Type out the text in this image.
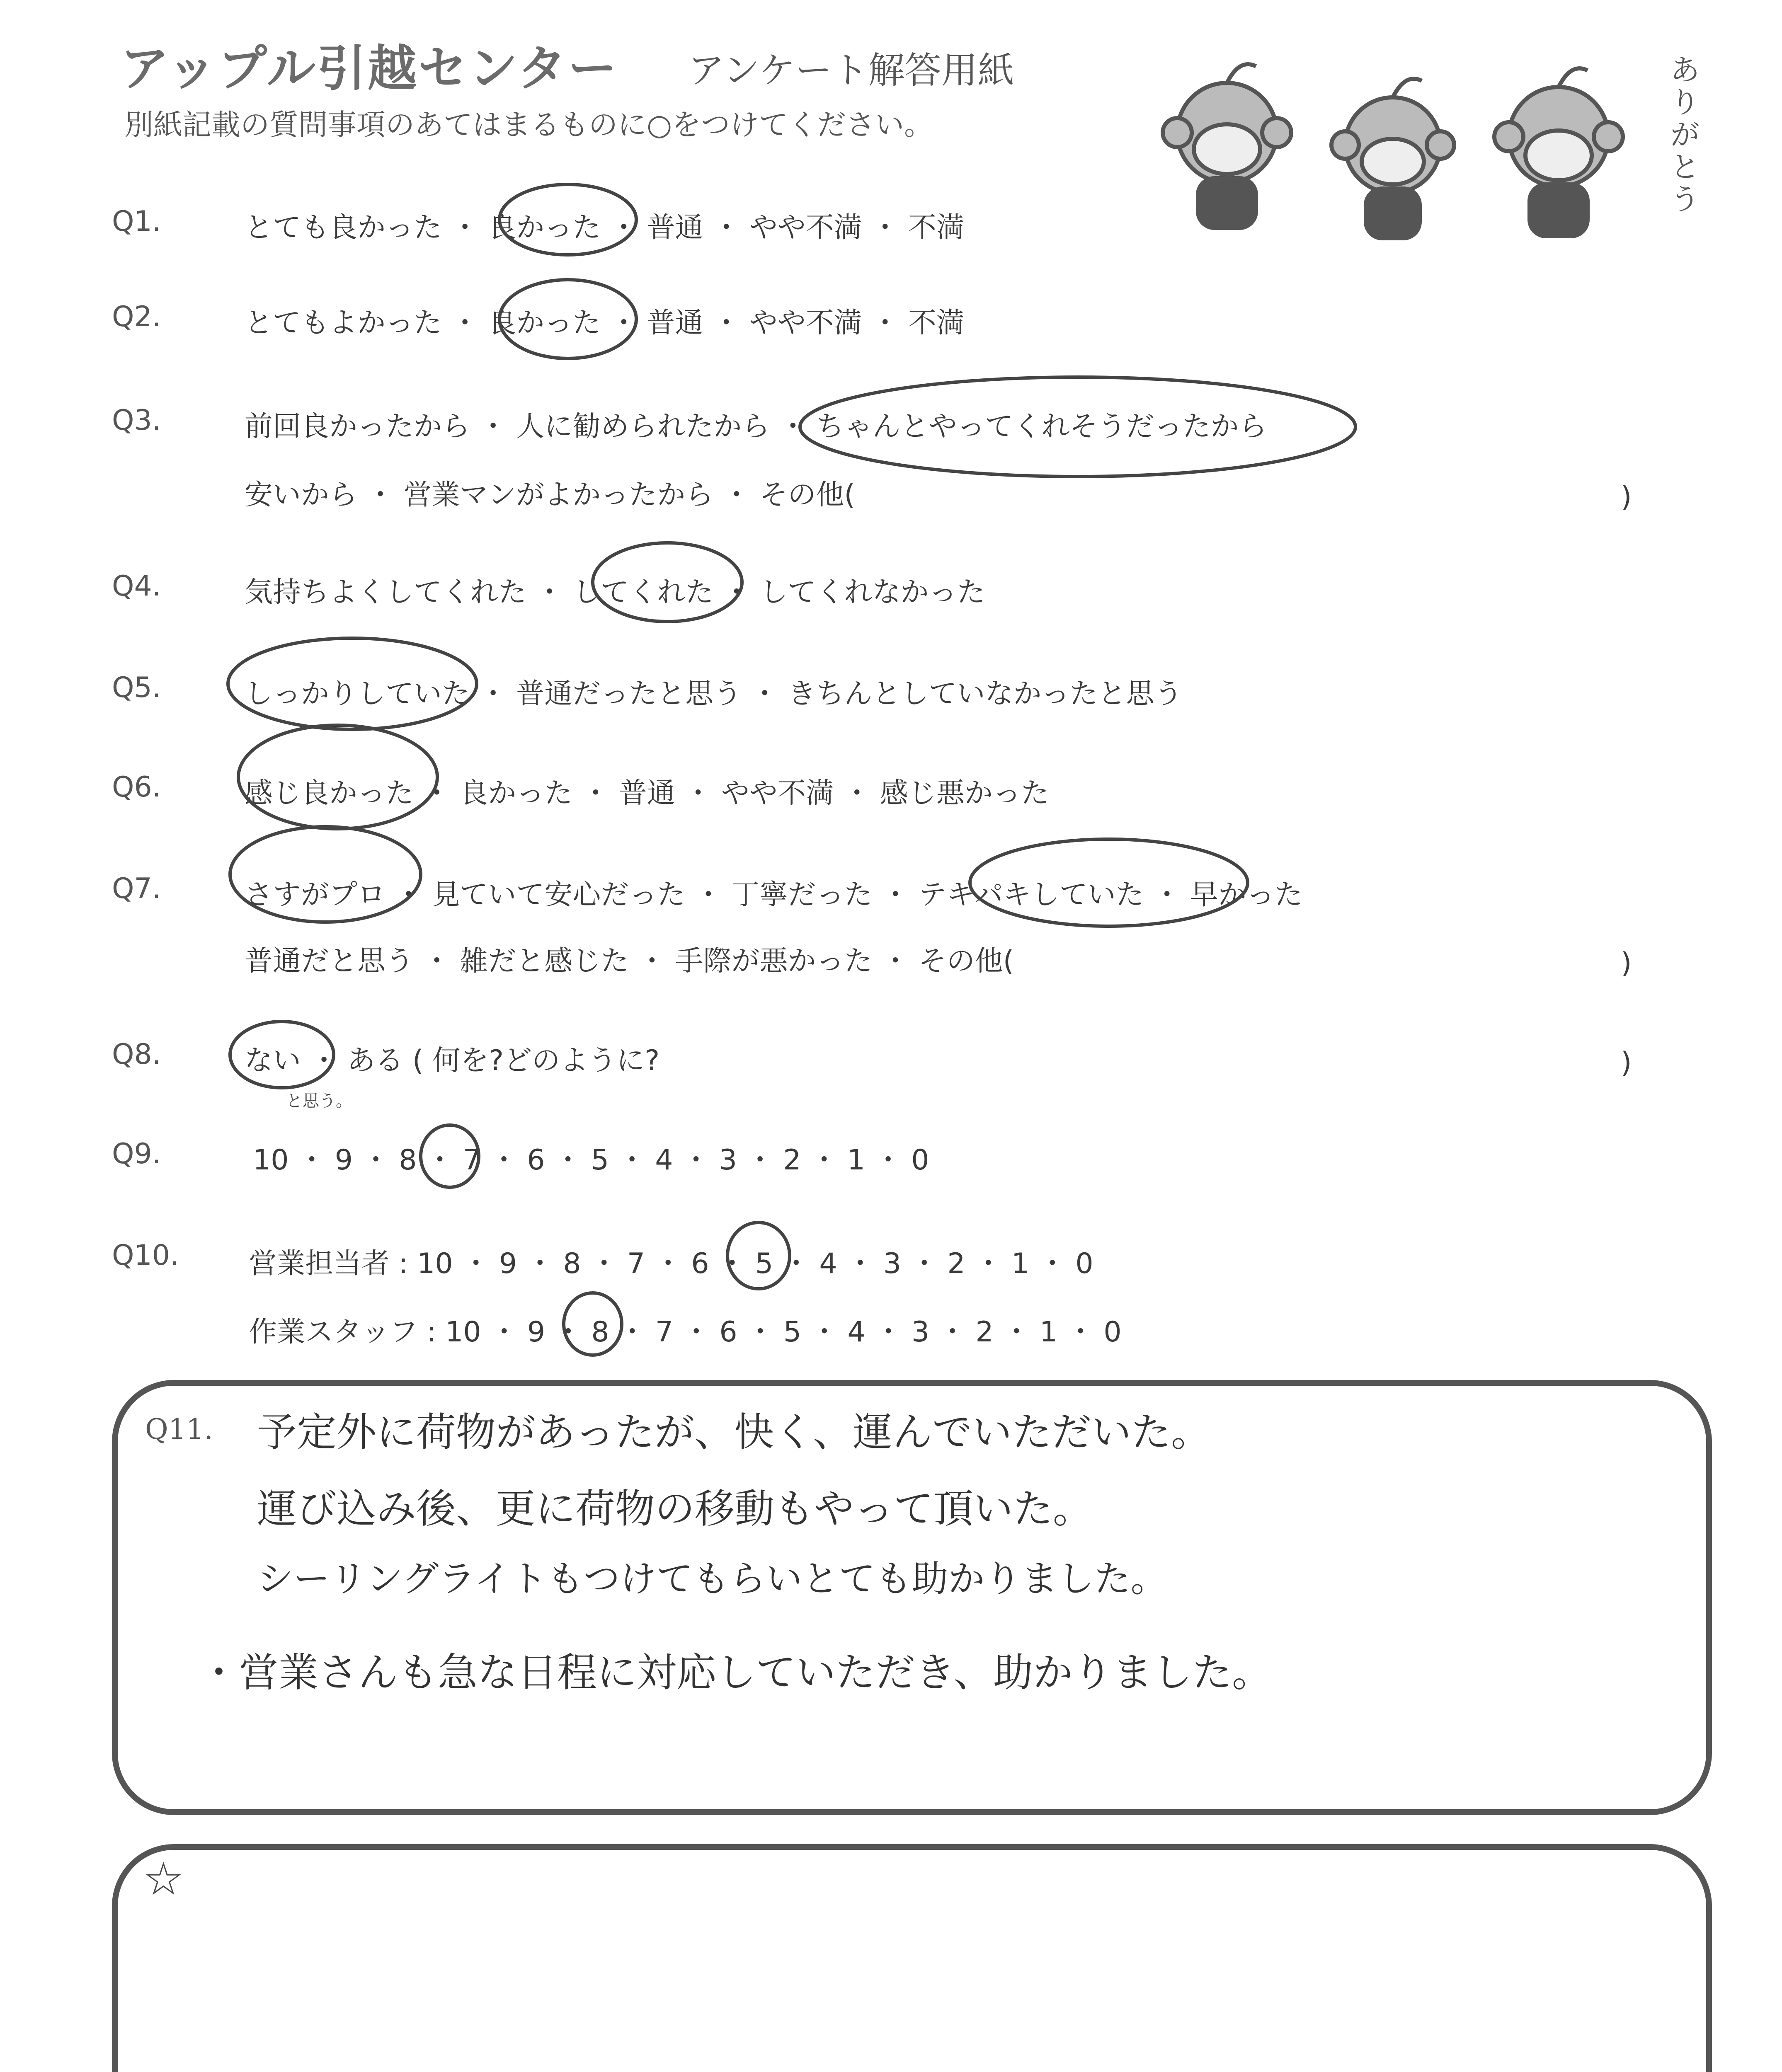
アップル引越センター アンケート解答用紙
別紙記載の質問事項のあてはまるものに○をつけてください。
ありがとう
Q1.	とても良かった ・ 良かった ・ 普通 ・ やや不満 ・ 不満
Q2.	とてもよかった ・ 良かった ・ 普通 ・ やや不満 ・ 不満
Q3.	前回良かったから ・ 人に勧められたから ・ ちゃんとやってくれそうだったから
安いから ・ 営業マンがよかったから ・ その他(	)
Q4.	気持ちよくしてくれた ・ してくれた ・ してくれなかった
Q5.	しっかりしていた ・ 普通だったと思う ・ きちんとしていなかったと思う
Q6.	感じ良かった ・ 良かった ・ 普通 ・ やや不満 ・ 感じ悪かった
Q7.	さすがプロ ・ 見ていて安心だった ・ 丁寧だった ・ テキパキしていた ・ 早かった
普通だと思う ・ 雑だと感じた ・ 手際が悪かった ・ その他(	)
Q8.	ない ・ ある ( 何を?どのように?	)
と思う。
Q9.	10 ・ 9 ・ 8 ・ 7 ・ 6 ・ 5 ・ 4 ・ 3 ・ 2 ・ 1 ・ 0
Q10. 営業担当者 : 10 ・ 9 ・ 8 ・ 7 ・ 6 ・ 5 ・ 4 ・ 3 ・ 2 ・ 1 ・ 0
作業スタッフ : 10 ・ 9 ・ 8 ・ 7 ・ 6 ・ 5 ・ 4 ・ 3 ・ 2 ・ 1 ・ 0
Q11. 予定外に荷物があったが、快く、運んでいただいた。
運び込み後、更に荷物の移動もやって頂いた。
シーリングライトもつけてもらいとても助かりました。
・営業さんも急な日程に対応していただき、助かりました。
☆
